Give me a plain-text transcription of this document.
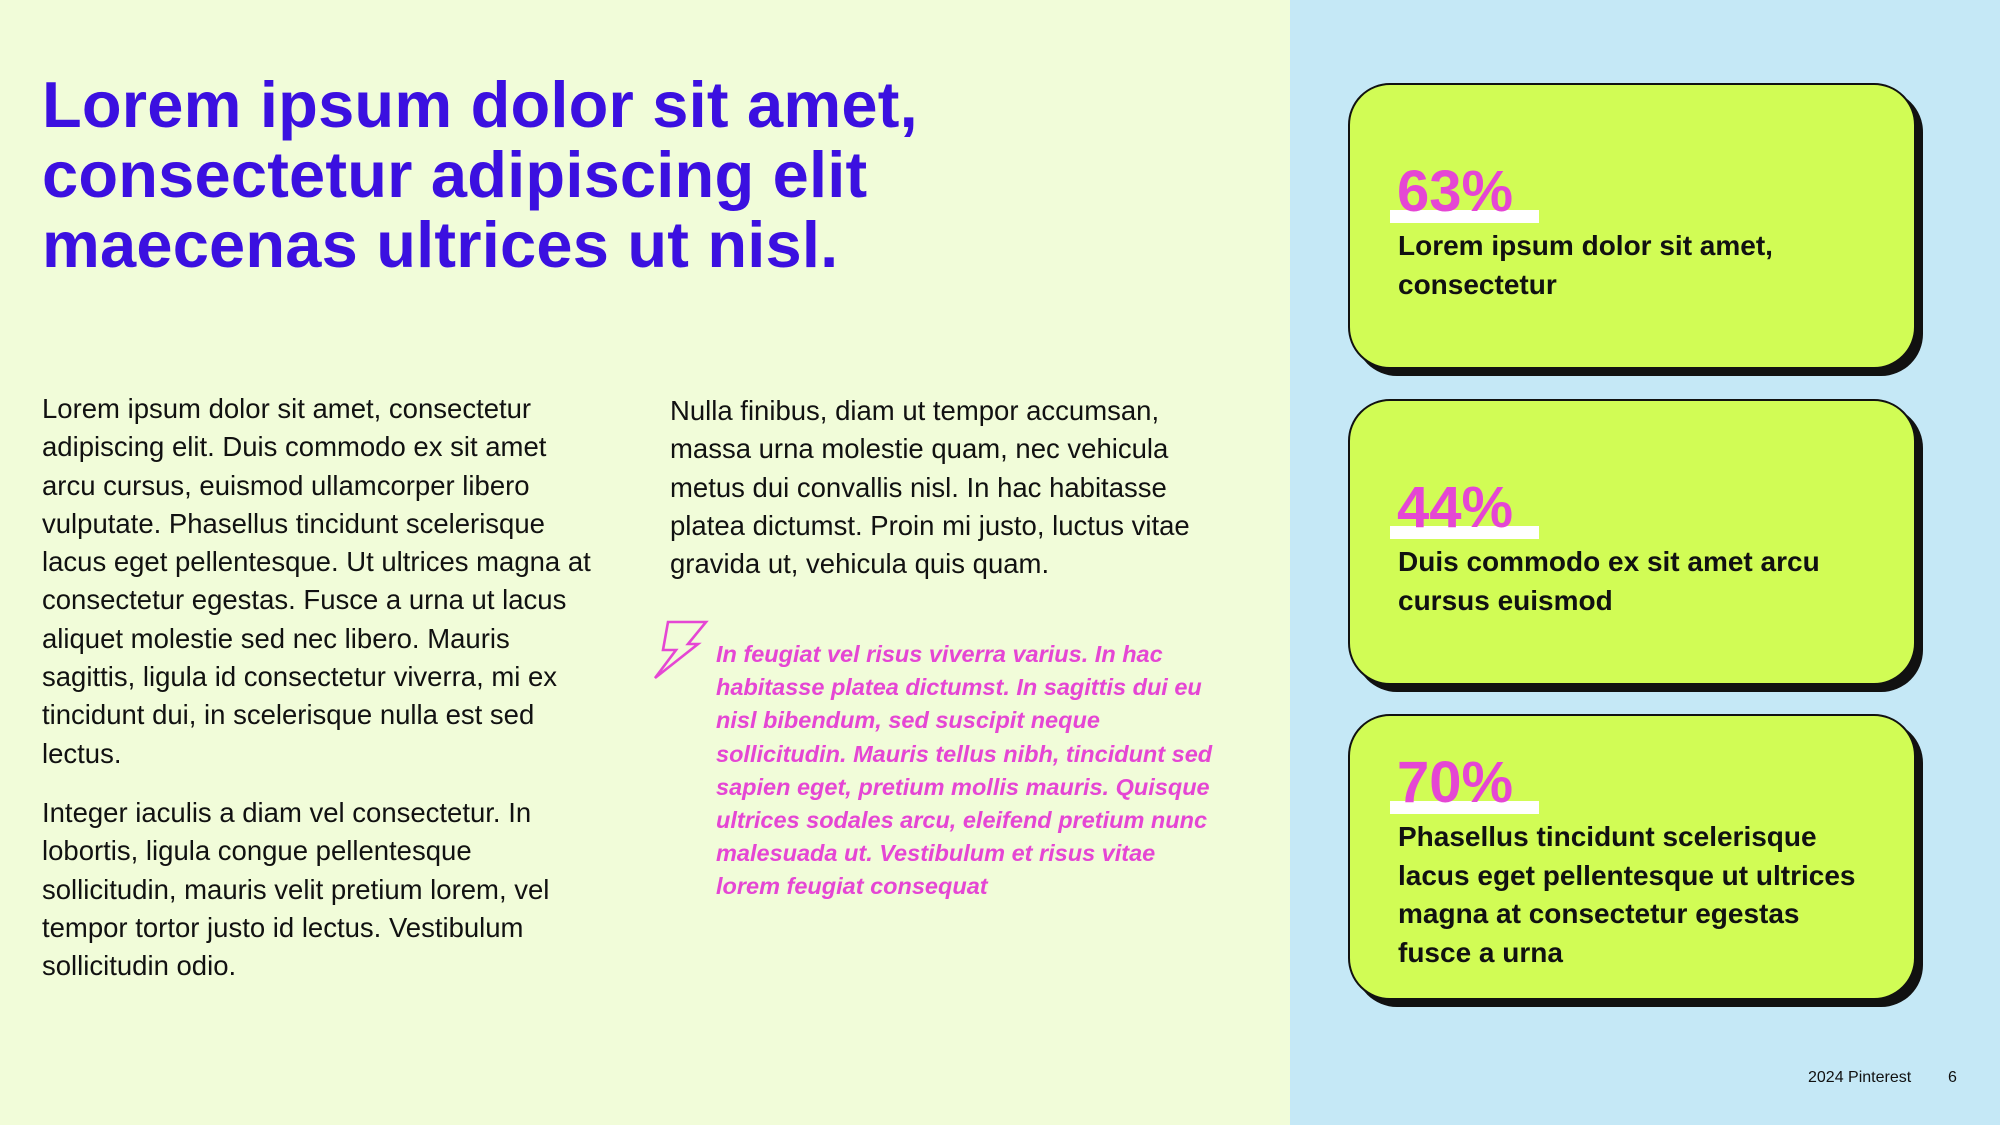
Lorem ipsum dolor sit amet, consectetur adipiscing elit maecenas ultrices ut nisl.

Lorem ipsum dolor sit amet, consectetur adipiscing elit. Duis commodo ex sit amet arcu cursus, euismod ullamcorper libero vulputate. Phasellus tincidunt scelerisque lacus eget pellentesque. Ut ultrices magna at consectetur egestas. Fusce a urna ut lacus aliquet molestie sed nec libero. Mauris sagittis, ligula id consectetur viverra, mi ex tincidunt dui, in scelerisque nulla est sed lectus.

Integer iaculis a diam vel consectetur. In lobortis, ligula congue pellentesque sollicitudin, mauris velit pretium lorem, vel tempor tortor justo id lectus. Vestibulum sollicitudin odio.

Nulla finibus, diam ut tempor accumsan, massa urna molestie quam, nec vehicula metus dui convallis nisl. In hac habitasse platea dictumst. Proin mi justo, luctus vitae gravida ut, vehicula quis quam.

In feugiat vel risus viverra varius. In hac habitasse platea dictumst. In sagittis dui eu nisl bibendum, sed suscipit neque sollicitudin. Mauris tellus nibh, tincidunt sed sapien eget, pretium mollis mauris. Quisque ultrices sodales arcu, eleifend pretium nunc malesuada ut. Vestibulum et risus vitae lorem feugiat consequat

63%

Lorem ipsum dolor sit amet, consectetur

44%

Duis commodo ex sit amet arcu cursus euismod

70%

Phasellus tincidunt scelerisque lacus eget pellentesque ut ultrices magna at consectetur egestas fusce a urna

2024 Pinterest 6
